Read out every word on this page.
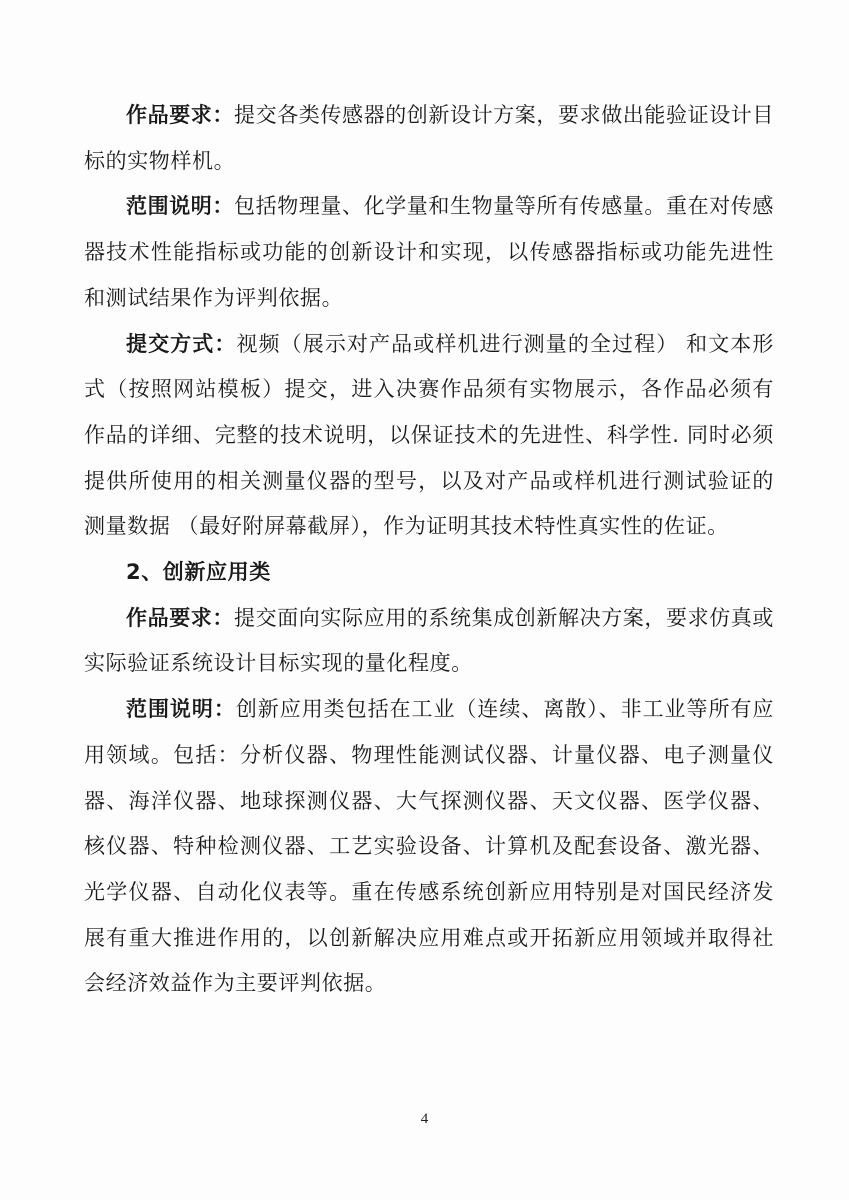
作品要求：提交各类传感器的创新设计方案，要求做出能验证设计目标的实物样机。

范围说明：包括物理量、化学量和生物量等所有传感量。重在对传感器技术性能指标或功能的创新设计和实现，以传感器指标或功能先进性和测试结果作为评判依据。

提交方式：视频（展示对产品或样机进行测量的全过程） 和文本形式（按照网站模板）提交，进入决赛作品须有实物展示，各作品必须有作品的详细、完整的技术说明，以保证技术的先进性、科学性. 同时必须提供所使用的相关测量仪器的型号，以及对产品或样机进行测试验证的测量数据 （最好附屏幕截屏），作为证明其技术特性真实性的佐证。

2、创新应用类

作品要求：提交面向实际应用的系统集成创新解决方案，要求仿真或实际验证系统设计目标实现的量化程度。

范围说明：创新应用类包括在工业（连续、离散）、非工业等所有应用领域。包括：分析仪器、物理性能测试仪器、计量仪器、电子测量仪器、海洋仪器、地球探测仪器、大气探测仪器、天文仪器、医学仪器、核仪器、特种检测仪器、工艺实验设备、计算机及配套设备、激光器、光学仪器、自动化仪表等。重在传感系统创新应用特别是对国民经济发展有重大推进作用的，以创新解决应用难点或开拓新应用领域并取得社会经济效益作为主要评判依据。

4
